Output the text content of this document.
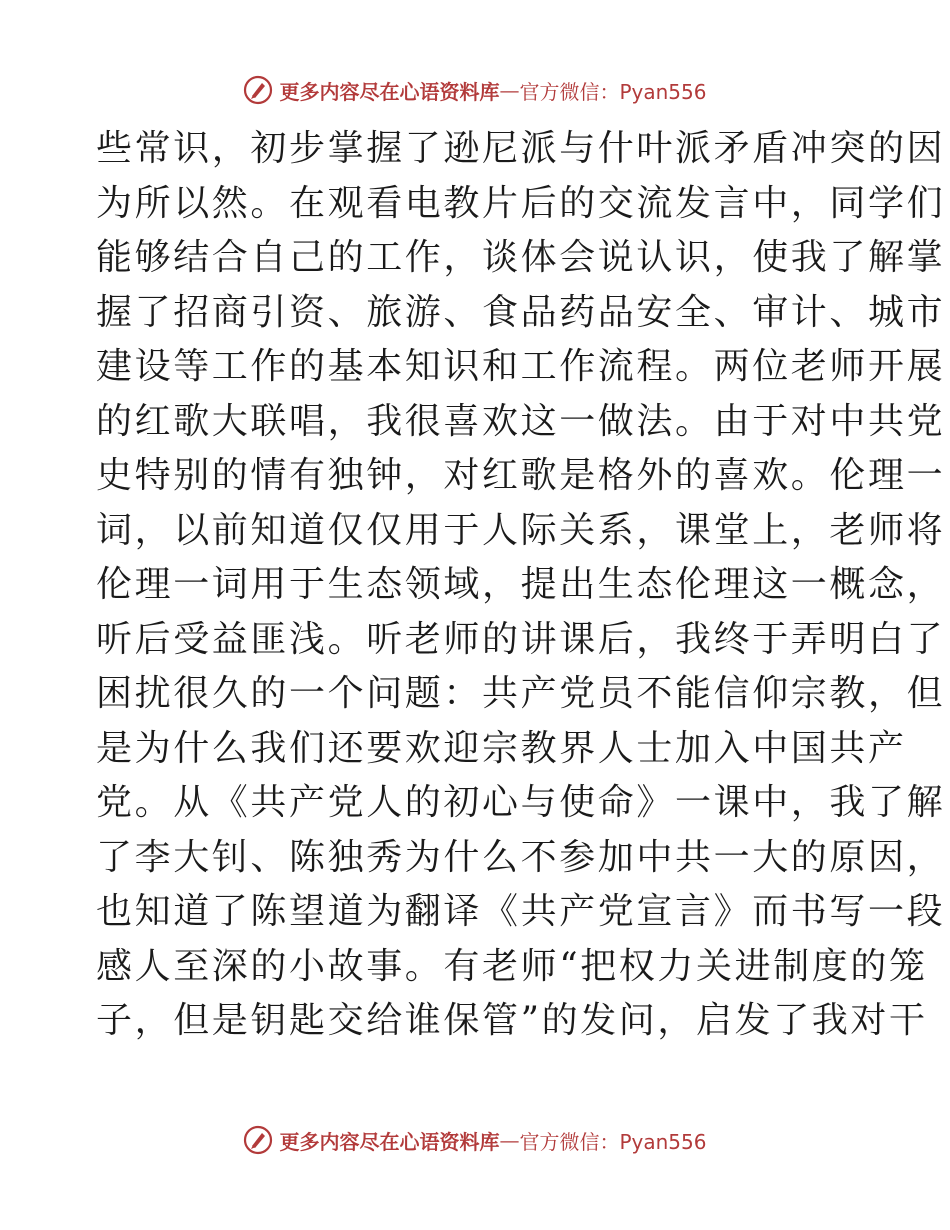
更多内容尽在心语资料库 — 官方微信：Pyan556
些常识，初步掌握了逊尼派与什叶派矛盾冲突的因
为所以然。在观看电教片后的交流发言中，同学们
能够结合自己的工作，谈体会说认识，使我了解掌
握了招商引资、旅游、食品药品安全、审计、城市
建设等工作的基本知识和工作流程。两位老师开展
的红歌大联唱，我很喜欢这一做法。由于对中共党
史特别的情有独钟，对红歌是格外的喜欢。伦理一
词，以前知道仅仅用于人际关系，课堂上，老师将
伦理一词用于生态领域，提出生态伦理这一概念，
听后受益匪浅。听老师的讲课后，我终于弄明白了
困扰很久的一个问题：共产党员不能信仰宗教，但
是为什么我们还要欢迎宗教界人士加入中国共产
党。从《共产党人的初心与使命》一课中，我了解
了李大钊、陈独秀为什么不参加中共一大的原因，
也知道了陈望道为翻译《共产党宣言》而书写一段
感人至深的小故事。有老师“把权力关进制度的笼
子，但是钥匙交给谁保管”的发问，启发了我对干
更多内容尽在心语资料库 — 官方微信：Pyan556
